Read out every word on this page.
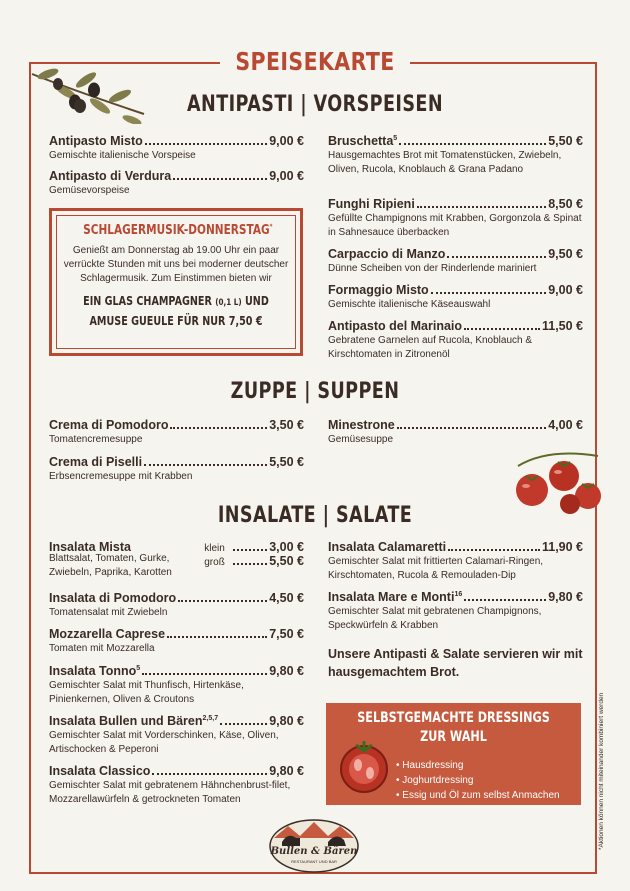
SPEISEKARTE
ANTIPASTI | VORSPEISEN
Antipasto Misto	9,00 €
Gemischte italienische Vorspeise
Antipasto di Verdura	9,00 €
Gemüsevorspeise
SCHLAGERMUSIK-DONNERSTAG*
Genießt am Donnerstag ab 19.00 Uhr ein paar verrückte Stunden mit uns bei moderner deutscher Schlagermusik. Zum Einstimmen bieten wir
EIN GLAS CHAMPAGNER (0,1 L) UND
AMUSE GUEULE FÜR NUR 7,50 €
Bruschetta$^5$	5,50 €
Hausgemachtes Brot mit Tomatenstücken, Zwiebeln, Oliven, Rucola, Knoblauch & Grana Padano
Funghi Ripieni	8,50 €
Gefüllte Champignons mit Krabben, Gorgonzola & Spinat in Sahnesauce überbacken
Carpaccio di Manzo	9,50 €
Dünne Scheiben von der Rinderlende mariniert
Formaggio Misto	9,00 €
Gemischte italienische Käseauswahl
Antipasto del Marinaio	11,50 €
Gebratene Garnelen auf Rucola, Knoblauch & Kirschtomaten in Zitronenöl
ZUPPE | SUPPEN
Crema di Pomodoro	3,50 €
Tomatencremesuppe
Crema di Piselli	5,50 €
Erbsencremesuppe mit Krabben
Minestrone	4,00 €
Gemüsesuppe
INSALATE | SALATE
Insalata Mista	klein	3,00 €
groß	5,50 €
Blattsalat, Tomaten, Gurke, Zwiebeln, Paprika, Karotten
Insalata di Pomodoro	4,50 €
Tomatensalat mit Zwiebeln
Mozzarella Caprese	7,50 €
Tomaten mit Mozzarella
Insalata Tonno$^5$	9,80 €
Gemischter Salat mit Thunfisch, Hirtenkäse, Pinienkernen, Oliven & Croutons
Insalata Bullen und Bären$^{2,5,7}$	9,80 €
Gemischter Salat mit Vorderschinken, Käse, Oliven, Artischocken & Peperoni
Insalata Classico	9,80 €
Gemischter Salat mit gebratenem Hähnchenbrust-filet, Mozzarellawürfeln & getrockneten Tomaten
Insalata Calamaretti	11,90 €
Gemischter Salat mit frittierten Calamari-Ringen, Kirschtomaten, Rucola & Remouladen-Dip
Insalata Mare e Monti$^{16}$	9,80 €
Gemischter Salat mit gebratenen Champignons, Speckwürfeln & Krabben
Unsere Antipasti & Salate servieren wir mit hausgemachtem Brot.
SELBSTGEMACHTE DRESSINGS
ZUR WAHL
• Hausdressing
• Joghurtdressing
• Essig und Öl zum selbst Anmachen	*Aktionen können nicht miteinander kombiniert werden
Bullen & Bären
RESTAURANT UND BAR
